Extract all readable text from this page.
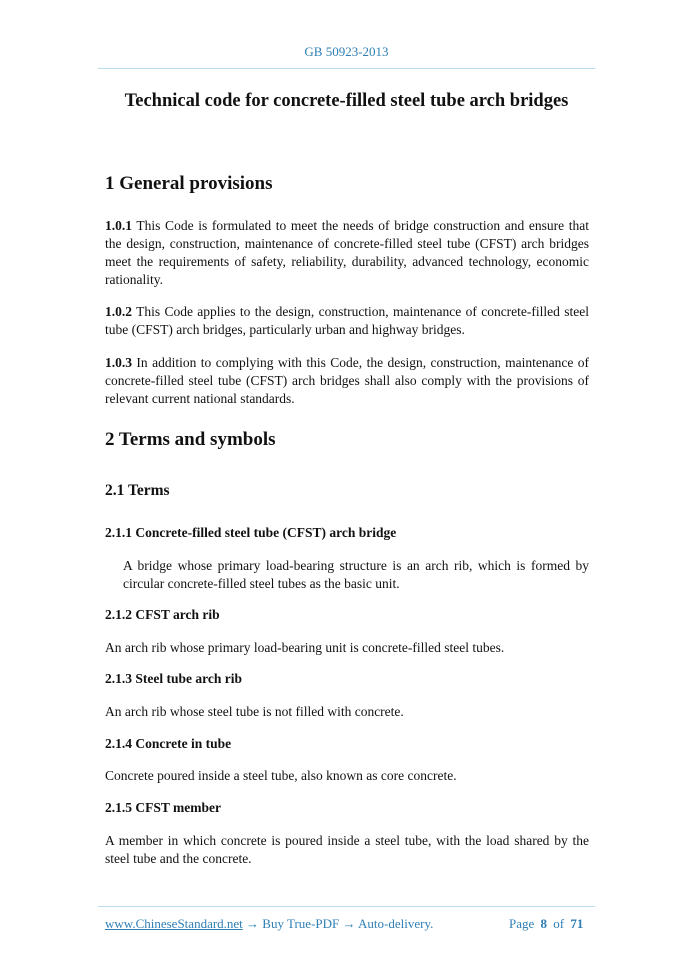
GB 50923-2013
Technical code for concrete-filled steel tube arch bridges
1 General provisions
1.0.1 This Code is formulated to meet the needs of bridge construction and ensure that the design, construction, maintenance of concrete-filled steel tube (CFST) arch bridges meet the requirements of safety, reliability, durability, advanced technology, economic rationality.
1.0.2 This Code applies to the design, construction, maintenance of concrete-filled steel tube (CFST) arch bridges, particularly urban and highway bridges.
1.0.3 In addition to complying with this Code, the design, construction, maintenance of concrete-filled steel tube (CFST) arch bridges shall also comply with the provisions of relevant current national standards.
2 Terms and symbols
2.1 Terms
2.1.1 Concrete-filled steel tube (CFST) arch bridge
A bridge whose primary load-bearing structure is an arch rib, which is formed by circular concrete-filled steel tubes as the basic unit.
2.1.2 CFST arch rib
An arch rib whose primary load-bearing unit is concrete-filled steel tubes.
2.1.3 Steel tube arch rib
An arch rib whose steel tube is not filled with concrete.
2.1.4 Concrete in tube
Concrete poured inside a steel tube, also known as core concrete.
2.1.5 CFST member
A member in which concrete is poured inside a steel tube, with the load shared by the steel tube and the concrete.
www.ChineseStandard.net → Buy True-PDF → Auto-delivery.	Page 8 of 71
